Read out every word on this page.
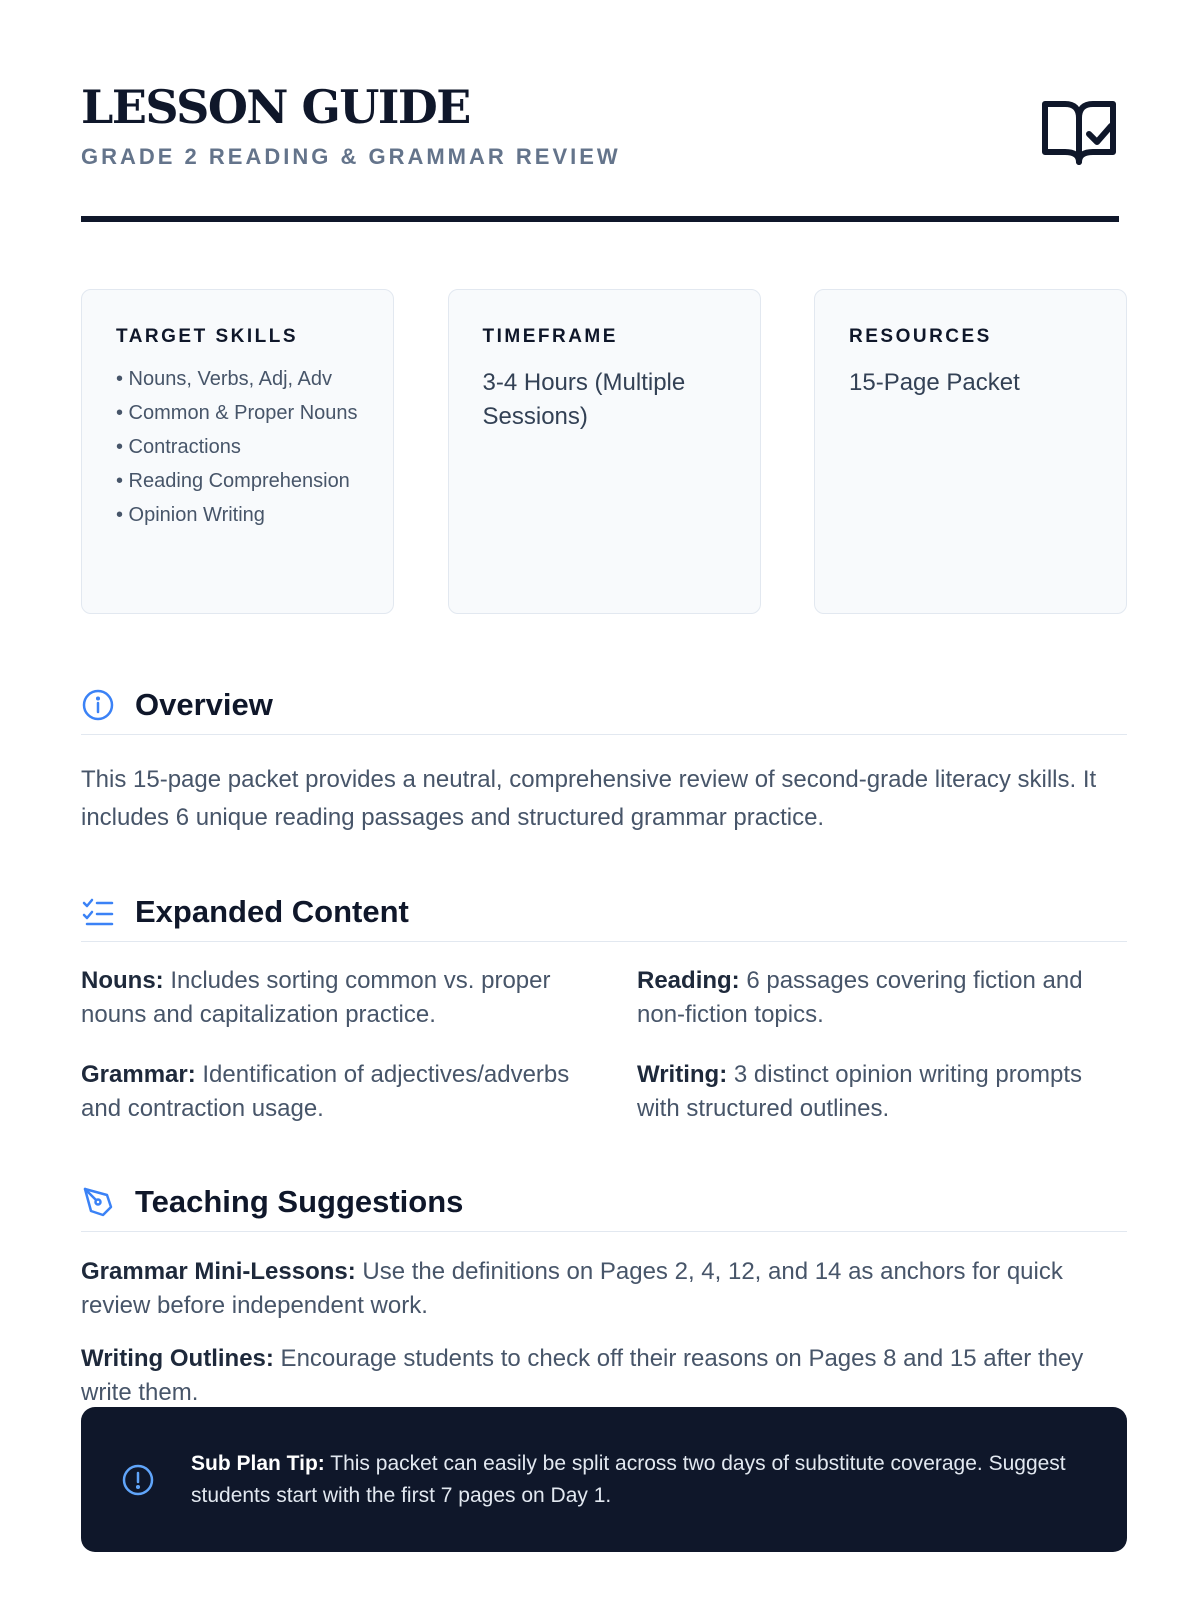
LESSON GUIDE

GRADE 2 READING & GRAMMAR REVIEW

TARGET SKILLS

• Nouns, Verbs, Adj, Adv
• Common & Proper Nouns
• Contractions
• Reading Comprehension
• Opinion Writing

TIMEFRAME

3-4 Hours (Multiple Sessions)

RESOURCES

15-Page Packet

Overview

This 15-page packet provides a neutral, comprehensive review of second-grade literacy skills. It includes 6 unique reading passages and structured grammar practice.

Expanded Content

Nouns: Includes sorting common vs. proper nouns and capitalization practice.

Reading: 6 passages covering fiction and non-fiction topics.

Grammar: Identification of adjectives/adverbs and contraction usage.

Writing: 3 distinct opinion writing prompts with structured outlines.

Teaching Suggestions

Grammar Mini-Lessons: Use the definitions on Pages 2, 4, 12, and 14 as anchors for quick review before independent work.

Writing Outlines: Encourage students to check off their reasons on Pages 8 and 15 after they write them.

Sub Plan Tip: This packet can easily be split across two days of substitute coverage. Suggest students start with the first 7 pages on Day 1.
